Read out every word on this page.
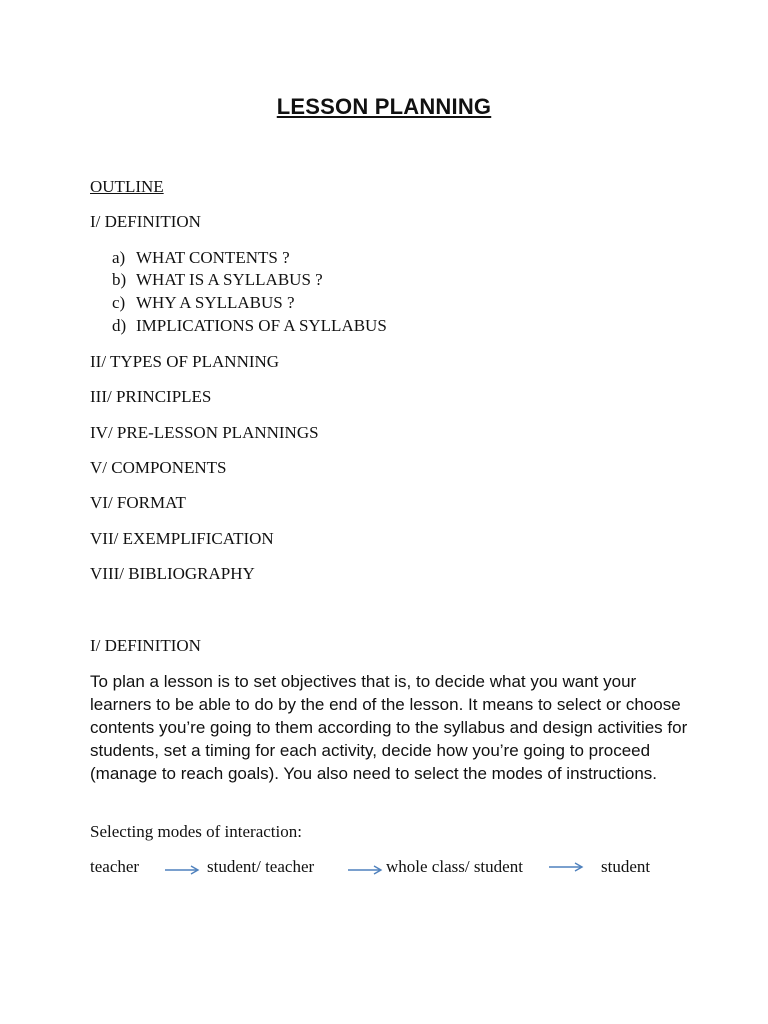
LESSON PLANNING
OUTLINE
I/ DEFINITION
a) WHAT CONTENTS ?
b) WHAT IS A SYLLABUS ?
c) WHY A SYLLABUS ?
d) IMPLICATIONS OF A SYLLABUS
II/ TYPES OF PLANNING
III/ PRINCIPLES
IV/ PRE-LESSON PLANNINGS
V/ COMPONENTS
VI/ FORMAT
VII/ EXEMPLIFICATION
VIII/ BIBLIOGRAPHY
I/ DEFINITION
To plan a lesson is to set objectives that is, to decide what you want your learners to be able to do by the end of the lesson. It means to select or choose contents you’re going to them according to the syllabus and design activities for students, set a timing for each activity, decide how you’re going to proceed (manage to reach goals). You also need to select the modes of instructions.
Selecting modes of interaction:
teacher	student/ teacher	whole class/ student	student
